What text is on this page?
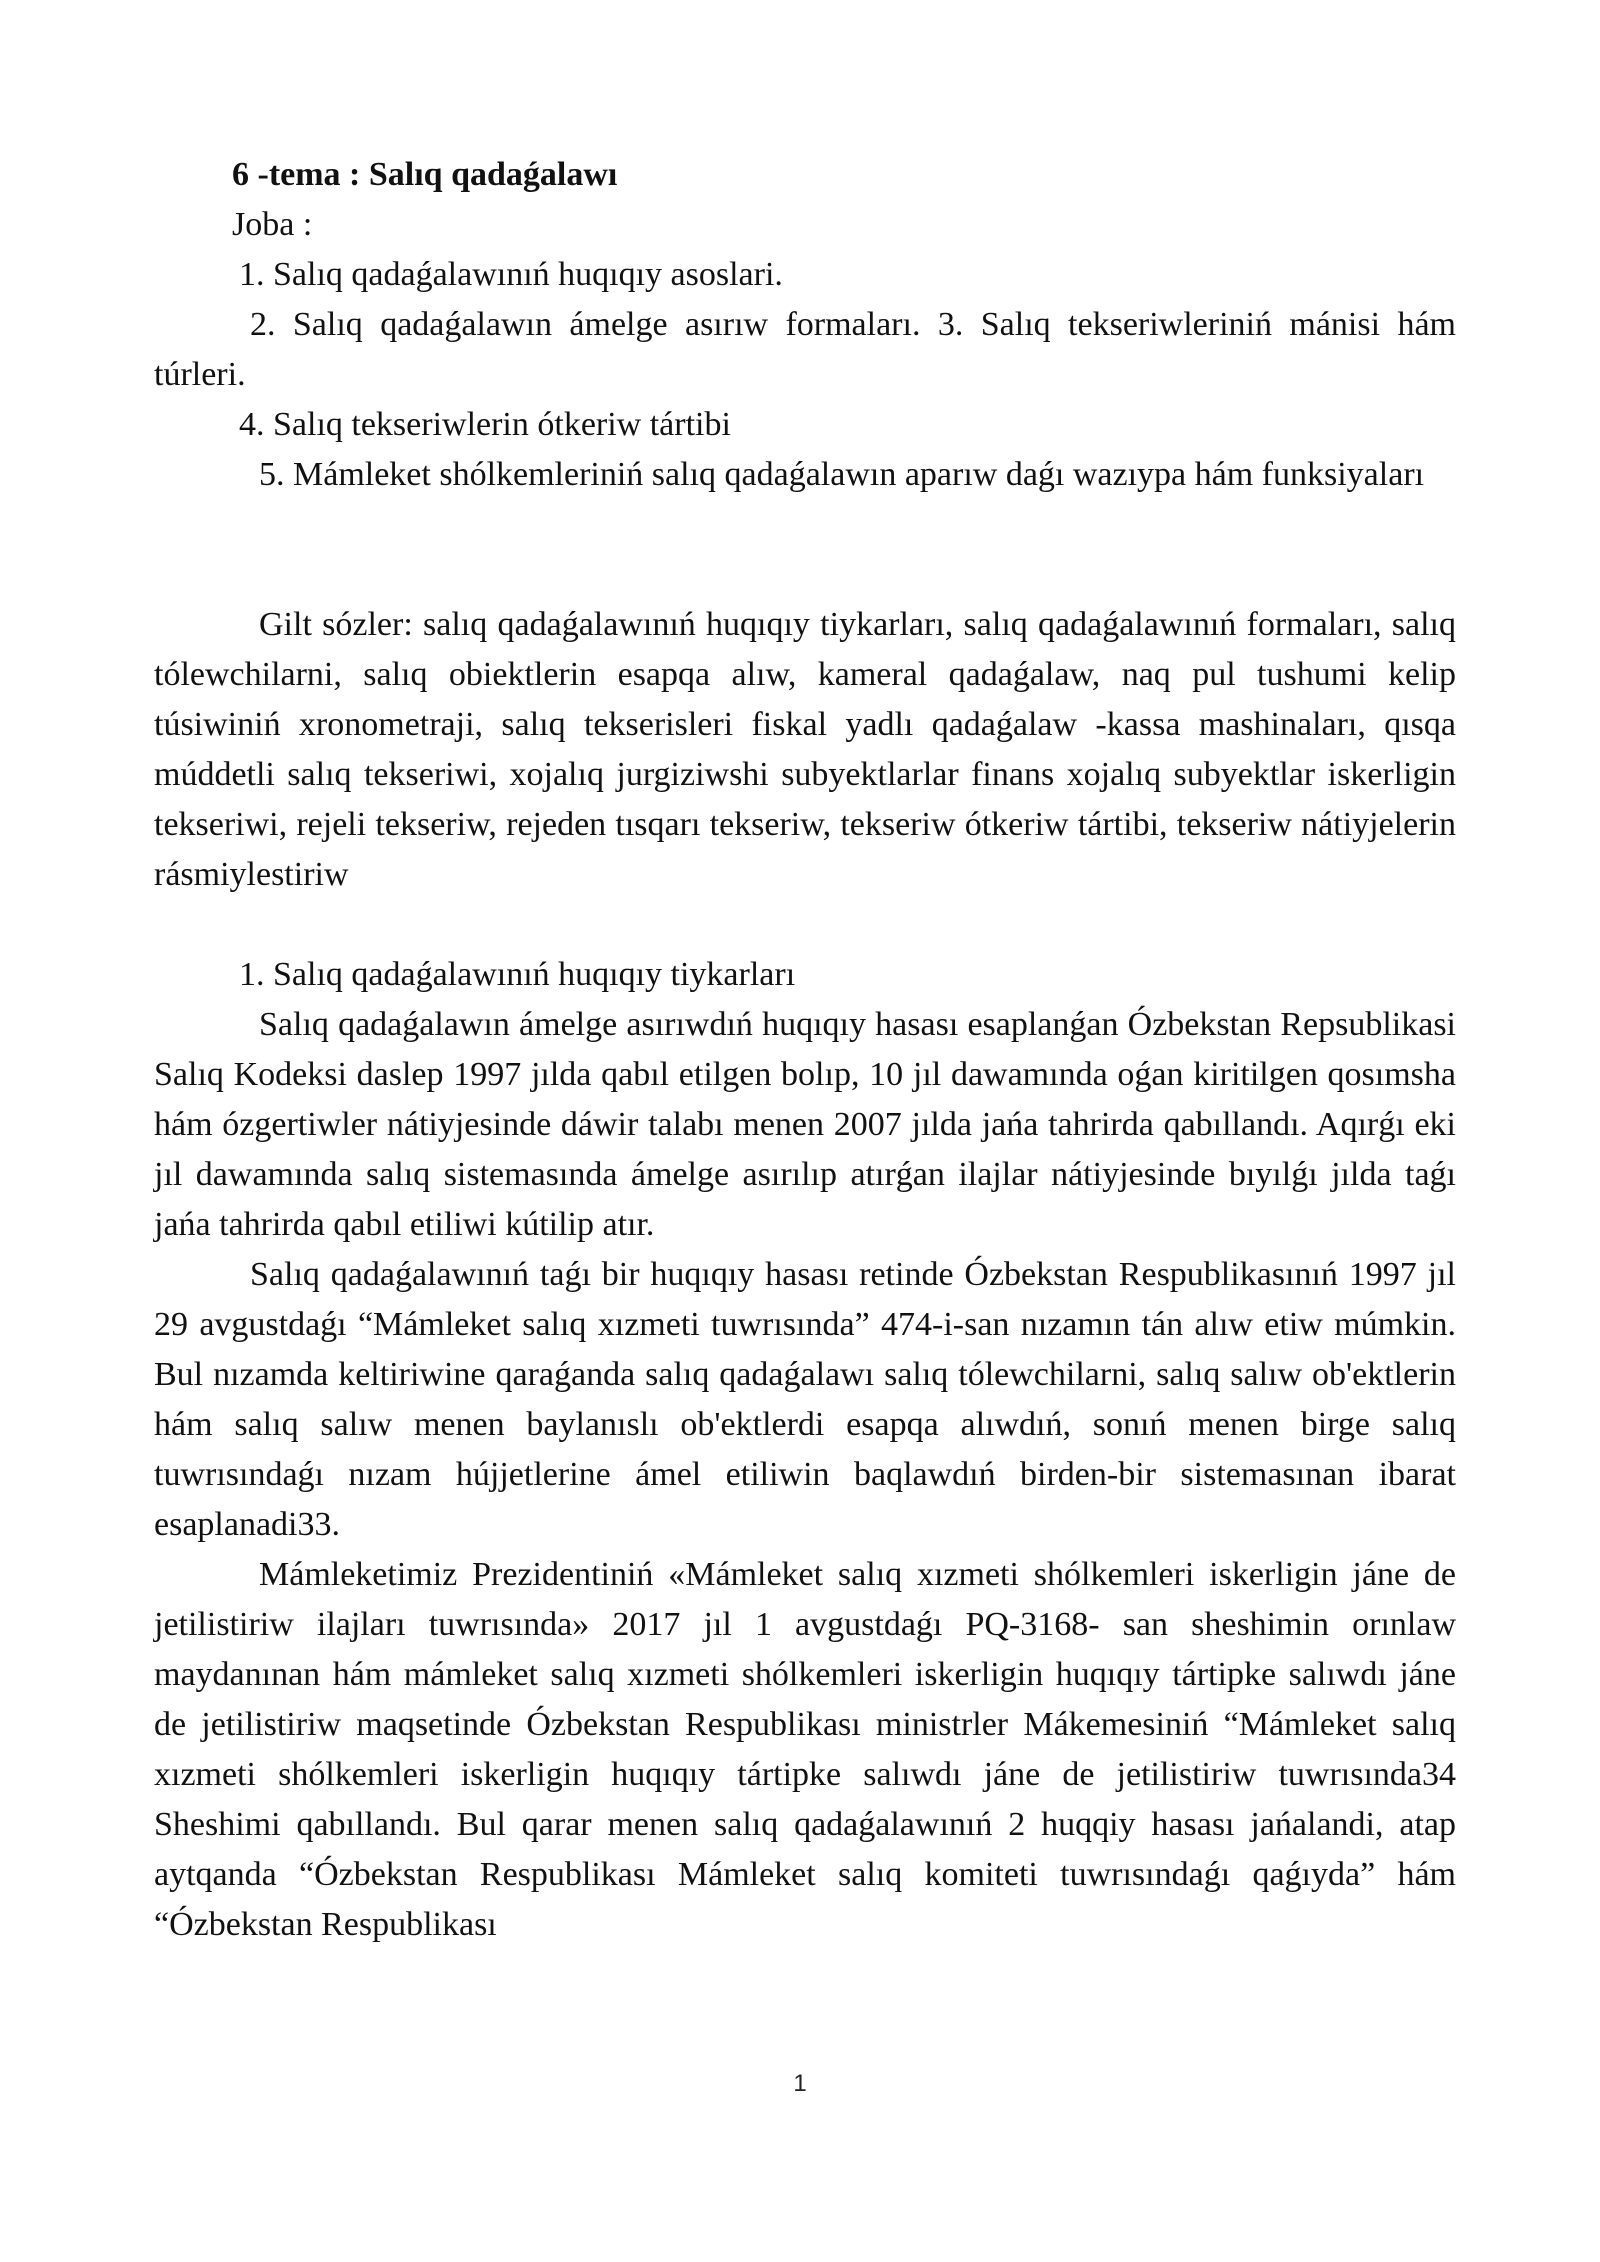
6 -tema : Salıq qadaǵalawı

Joba :

1. Salıq qadaǵalawınıń huqıqıy asoslari.

2. Salıq qadaǵalawın ámelge asırıw formaları. 3. Salıq tekseriwleriniń mánisi hám túrleri.

4. Salıq tekseriwlerin ótkeriw tártibi

5. Mámleket shólkemleriniń salıq qadaǵalawın aparıw daǵı wazıypa hám funksiyaları

Gilt sózler: salıq qadaǵalawınıń huqıqıy tiykarları, salıq qadaǵalawınıń formaları, salıq tólewchilarni, salıq obiektlerin esapqa alıw, kameral qadaǵalaw, naq pul tushumi kelip túsiwiniń xronometraji, salıq tekserisleri fiskal yadlı qadaǵalaw -kassa mashinaları, qısqa múddetli salıq tekseriwi, xojalıq jurgiziwshi subyektlarlar finans xojalıq subyektlar iskerligin tekseriwi, rejeli tekseriw, rejeden tısqarı tekseriw, tekseriw ótkeriw tártibi, tekseriw nátiyjelerin rásmiylestiriw

1. Salıq qadaǵalawınıń huqıqıy tiykarları

Salıq qadaǵalawın ámelge asırıwdıń huqıqıy hasası esaplanǵan Ózbekstan Repsublikasi Salıq Kodeksi daslep 1997 jılda qabıl etilgen bolıp, 10 jıl dawamında oǵan kiritilgen qosımsha hám ózgertiwler nátiyjesinde dáwir talabı menen 2007 jılda jańa tahrirda qabıllandı. Aqırǵı eki jıl dawamında salıq sistemasında ámelge asırılıp atırǵan ilajlar nátiyjesinde bıyılǵı jılda taǵı jańa tahrirda qabıl etiliwi kútilip atır.

Salıq qadaǵalawınıń taǵı bir huqıqıy hasası retinde Ózbekstan Respublikasınıń 1997 jıl 29 avgustdaǵı “Mámleket salıq xızmeti tuwrısında” 474-i-san nızamın tán alıw etiw múmkin. Bul nızamda keltiriwine qaraǵanda salıq qadaǵalawı salıq tólewchilarni, salıq salıw ob'ektlerin hám salıq salıw menen baylanıslı ob'ektlerdi esapqa alıwdıń, sonıń menen birge salıq tuwrısındaǵı nızam hújjetlerine ámel etiliwin baqlawdıń birden-bir sistemasınan ibarat esaplanadi33.

Mámleketimiz Prezidentiniń «Mámleket salıq xızmeti shólkemleri iskerligin jáne de jetilistiriw ilajları tuwrısında» 2017 jıl 1 avgustdaǵı PQ-3168- san sheshimin orınlaw maydanınan hám mámleket salıq xızmeti shólkemleri iskerligin huqıqıy tártipke salıwdı jáne de jetilistiriw maqsetinde Ózbekstan Respublikası ministrler Mákemesiniń “Mámleket salıq xızmeti shólkemleri iskerligin huqıqıy tártipke salıwdı jáne de jetilistiriw tuwrısında34 Sheshimi qabıllandı. Bul qarar menen salıq qadaǵalawınıń 2 huqqiy hasası jańalandi, atap aytqanda “Ózbekstan Respublikası Mámleket salıq komiteti tuwrısındaǵı qaǵıyda” hám “Ózbekstan Respublikası

1
